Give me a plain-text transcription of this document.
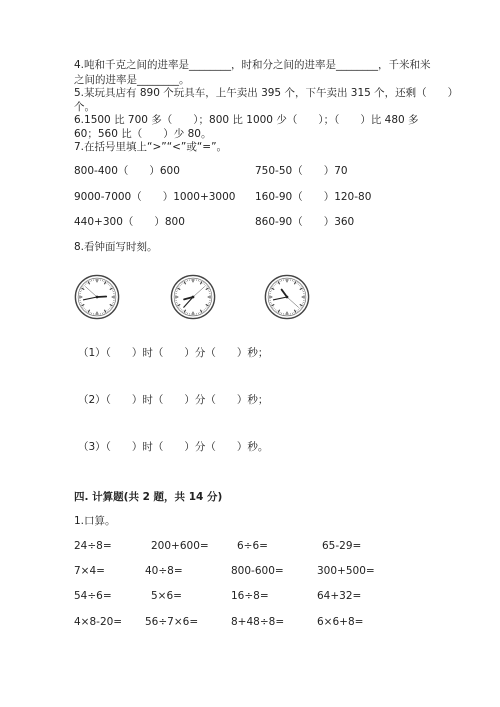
4.吨和千克之间的进率是________，时和分之间的进率是________，千米和米
之间的进率是________。
5.某玩具店有 890 个玩具车，上午卖出 395 个，下午卖出 315 个，还剩（　　）
个。
6.1500 比 700 多（　　）；800 比 1000 少（　　）；（　　）比 480 多
60；560 比（　　）少 80。
7.在括号里填上“>”“<”或“=”。
800-400（　　）600	750-50（　　）70
9000-7000（　　）1000+3000 160-90（　　）120-80
440+300（　　）800	860-90（　　）360
8.看钟面写时刻。
（1）（　　）时（　　）分（　　）秒；
（2）（　　）时（　　）分（　　）秒；
（3）（　　）时（　　）分（　　）秒。
四. 计算题(共 2 题，共 14 分)
1.口算。
24÷8=	200+600=	6÷6=	65-29=
7×4=	40÷8=	800-600=	300+500=
54÷6=	5×6=	16÷8=	64+32=
4×8-20= 56÷7×6=	8+48÷8=	6×6+8=
